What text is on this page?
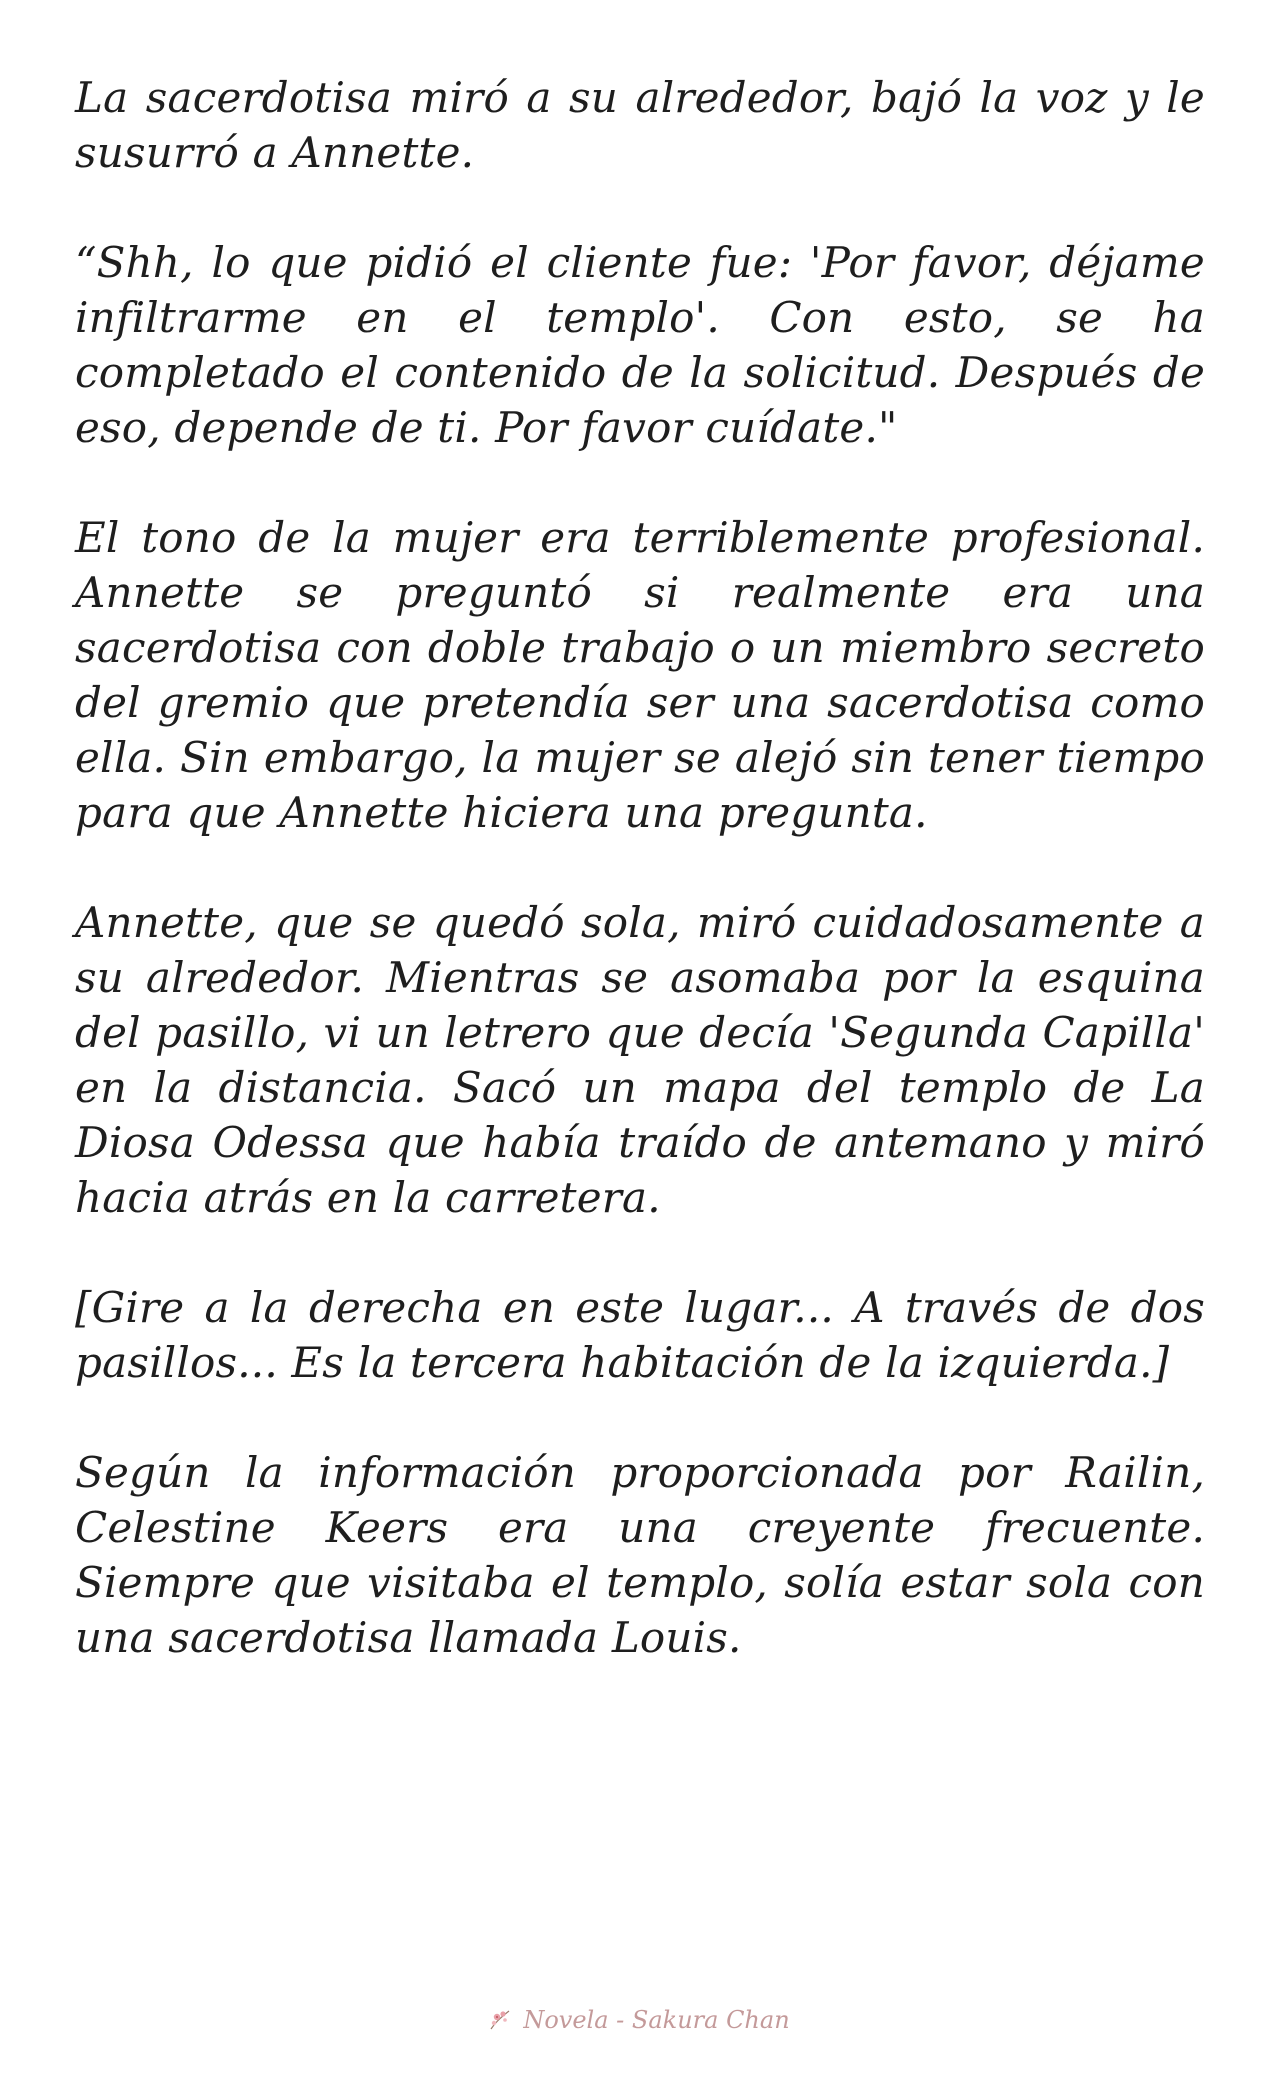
La sacerdotisa miró a su alrededor, bajó la voz y le susurró a Annette.

“Shh, lo que pidió el cliente fue: 'Por favor, déjame infiltrarme en el templo'. Con esto, se ha completado el contenido de la solicitud. Después de eso, depende de ti. Por favor cuídate."

El tono de la mujer era terriblemente profesional. Annette se preguntó si realmente era una sacerdotisa con doble trabajo o un miembro secreto del gremio que pretendía ser una sacerdotisa como ella. Sin embargo, la mujer se alejó sin tener tiempo para que Annette hiciera una pregunta.

Annette, que se quedó sola, miró cuidadosamente a su alrededor. Mientras se asomaba por la esquina del pasillo, vi un letrero que decía 'Segunda Capilla' en la distancia. Sacó un mapa del templo de La Diosa Odessa que había traído de antemano y miró hacia atrás en la carretera.

[Gire a la derecha en este lugar... A través de dos pasillos... Es la tercera habitación de la izquierda.]

Según la información proporcionada por Railin, Celestine Keers era una creyente frecuente. Siempre que visitaba el templo, solía estar sola con una sacerdotisa llamada Louis.

Novela - Sakura Chan
